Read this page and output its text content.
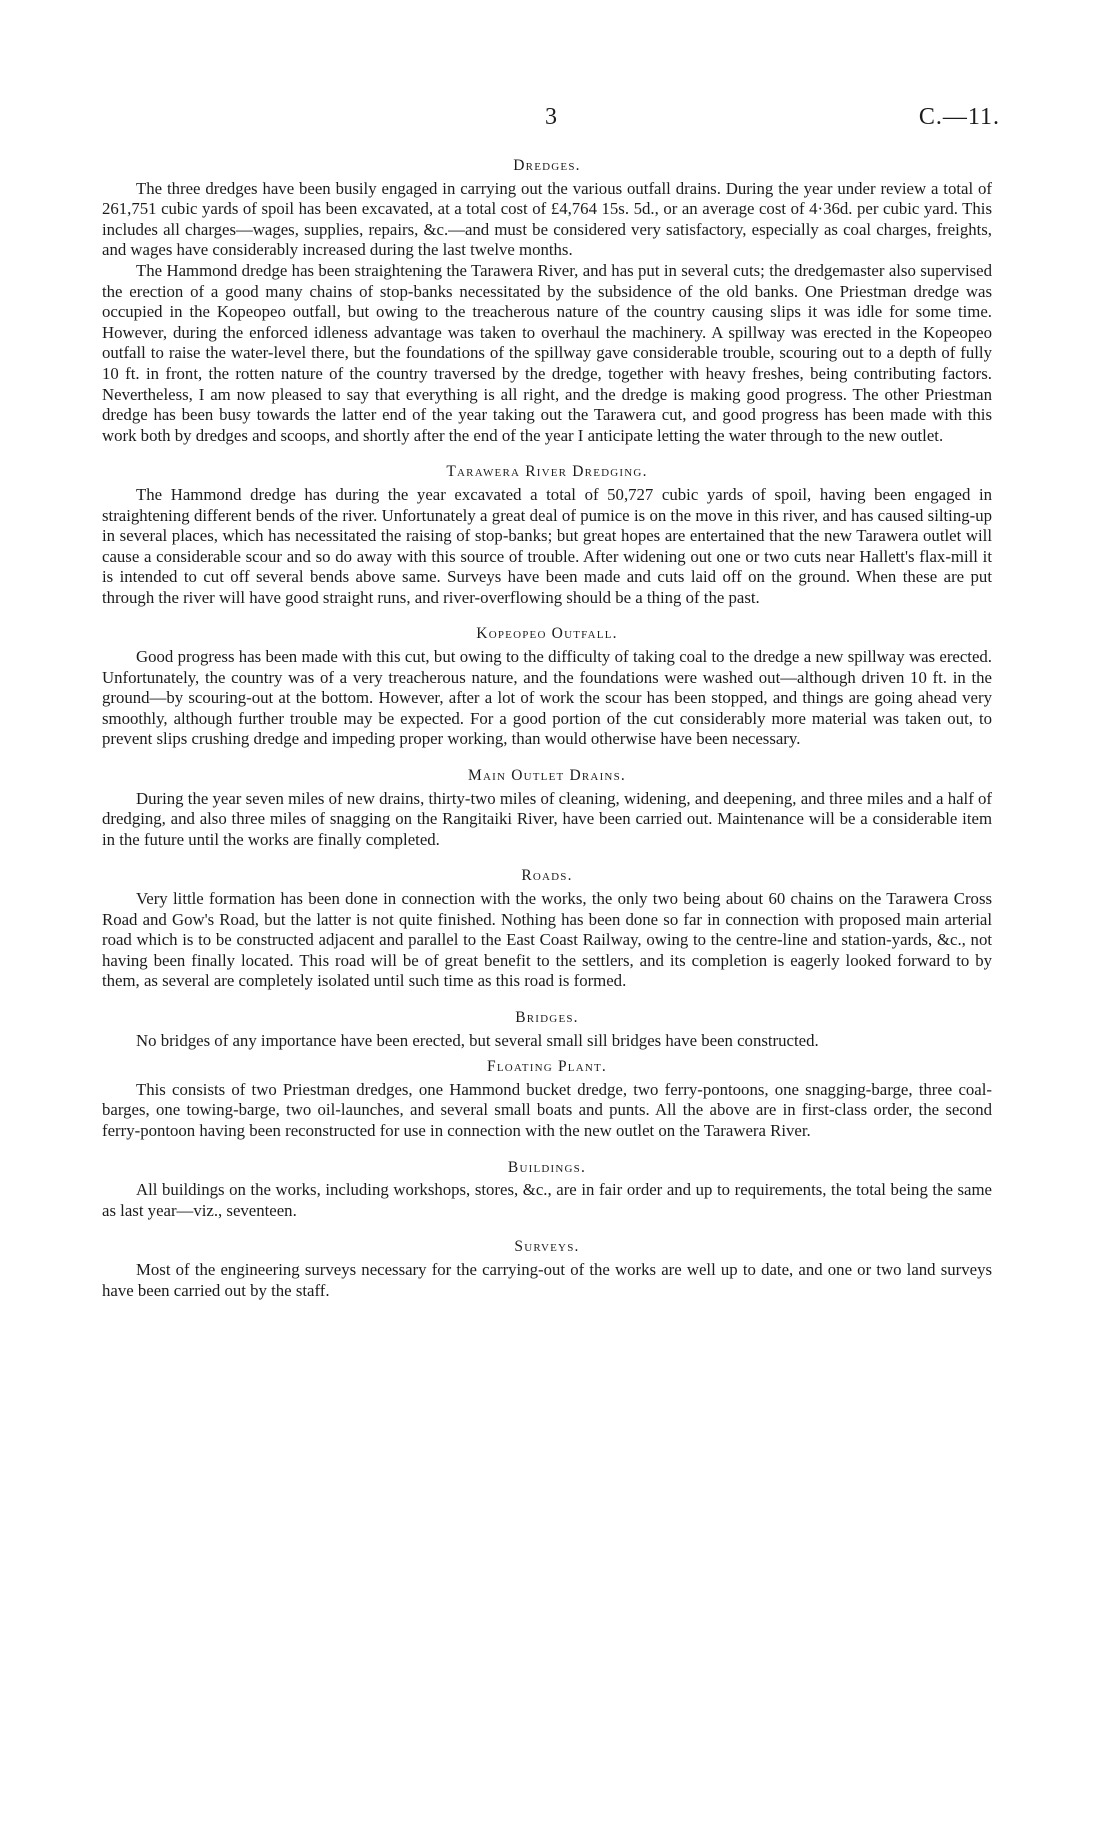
3	C.—11.
Dredges.

The three dredges have been busily engaged in carrying out the various outfall drains. During the year under review a total of 261,751 cubic yards of spoil has been excavated, at a total cost of £4,764 15s. 5d., or an average cost of 4·36d. per cubic yard. This includes all charges—wages, supplies, repairs, &c.—and must be considered very satisfactory, especially as coal charges, freights, and wages have considerably increased during the last twelve months.

The Hammond dredge has been straightening the Tarawera River, and has put in several cuts; the dredgemaster also supervised the erection of a good many chains of stop-banks necessitated by the subsidence of the old banks. One Priestman dredge was occupied in the Kopeopeo outfall, but owing to the treacherous nature of the country causing slips it was idle for some time. However, during the enforced idleness advantage was taken to overhaul the machinery. A spillway was erected in the Kopeopeo outfall to raise the water-level there, but the foundations of the spillway gave considerable trouble, scouring out to a depth of fully 10 ft. in front, the rotten nature of the country traversed by the dredge, together with heavy freshes, being contributing factors. Nevertheless, I am now pleased to say that everything is all right, and the dredge is making good progress. The other Priestman dredge has been busy towards the latter end of the year taking out the Tarawera cut, and good progress has been made with this work both by dredges and scoops, and shortly after the end of the year I anticipate letting the water through to the new outlet.

Tarawera River Dredging.

The Hammond dredge has during the year excavated a total of 50,727 cubic yards of spoil, having been engaged in straightening different bends of the river. Unfortunately a great deal of pumice is on the move in this river, and has caused silting-up in several places, which has necessitated the raising of stop-banks; but great hopes are entertained that the new Tarawera outlet will cause a considerable scour and so do away with this source of trouble. After widening out one or two cuts near Hallett's flax-mill it is intended to cut off several bends above same. Surveys have been made and cuts laid off on the ground. When these are put through the river will have good straight runs, and river-overflowing should be a thing of the past.

Kopeopeo Outfall.

Good progress has been made with this cut, but owing to the difficulty of taking coal to the dredge a new spillway was erected. Unfortunately, the country was of a very treacherous nature, and the foundations were washed out—although driven 10 ft. in the ground—by scouring-out at the bottom. However, after a lot of work the scour has been stopped, and things are going ahead very smoothly, although further trouble may be expected. For a good portion of the cut considerably more material was taken out, to prevent slips crushing dredge and impeding proper working, than would otherwise have been necessary.

Main Outlet Drains.

During the year seven miles of new drains, thirty-two miles of cleaning, widening, and deepening, and three miles and a half of dredging, and also three miles of snagging on the Rangitaiki River, have been carried out. Maintenance will be a considerable item in the future until the works are finally completed.

Roads.

Very little formation has been done in connection with the works, the only two being about 60 chains on the Tarawera Cross Road and Gow's Road, but the latter is not quite finished. Nothing has been done so far in connection with proposed main arterial road which is to be constructed adjacent and parallel to the East Coast Railway, owing to the centre-line and station-yards, &c., not having been finally located. This road will be of great benefit to the settlers, and its completion is eagerly looked forward to by them, as several are completely isolated until such time as this road is formed.

Bridges.

No bridges of any importance have been erected, but several small sill bridges have been constructed.

Floating Plant.

This consists of two Priestman dredges, one Hammond bucket dredge, two ferry-pontoons, one snagging-barge, three coal-barges, one towing-barge, two oil-launches, and several small boats and punts. All the above are in first-class order, the second ferry-pontoon having been reconstructed for use in connection with the new outlet on the Tarawera River.

Buildings.

All buildings on the works, including workshops, stores, &c., are in fair order and up to requirements, the total being the same as last year—viz., seventeen.

Surveys.

Most of the engineering surveys necessary for the carrying-out of the works are well up to date, and one or two land surveys have been carried out by the staff.
